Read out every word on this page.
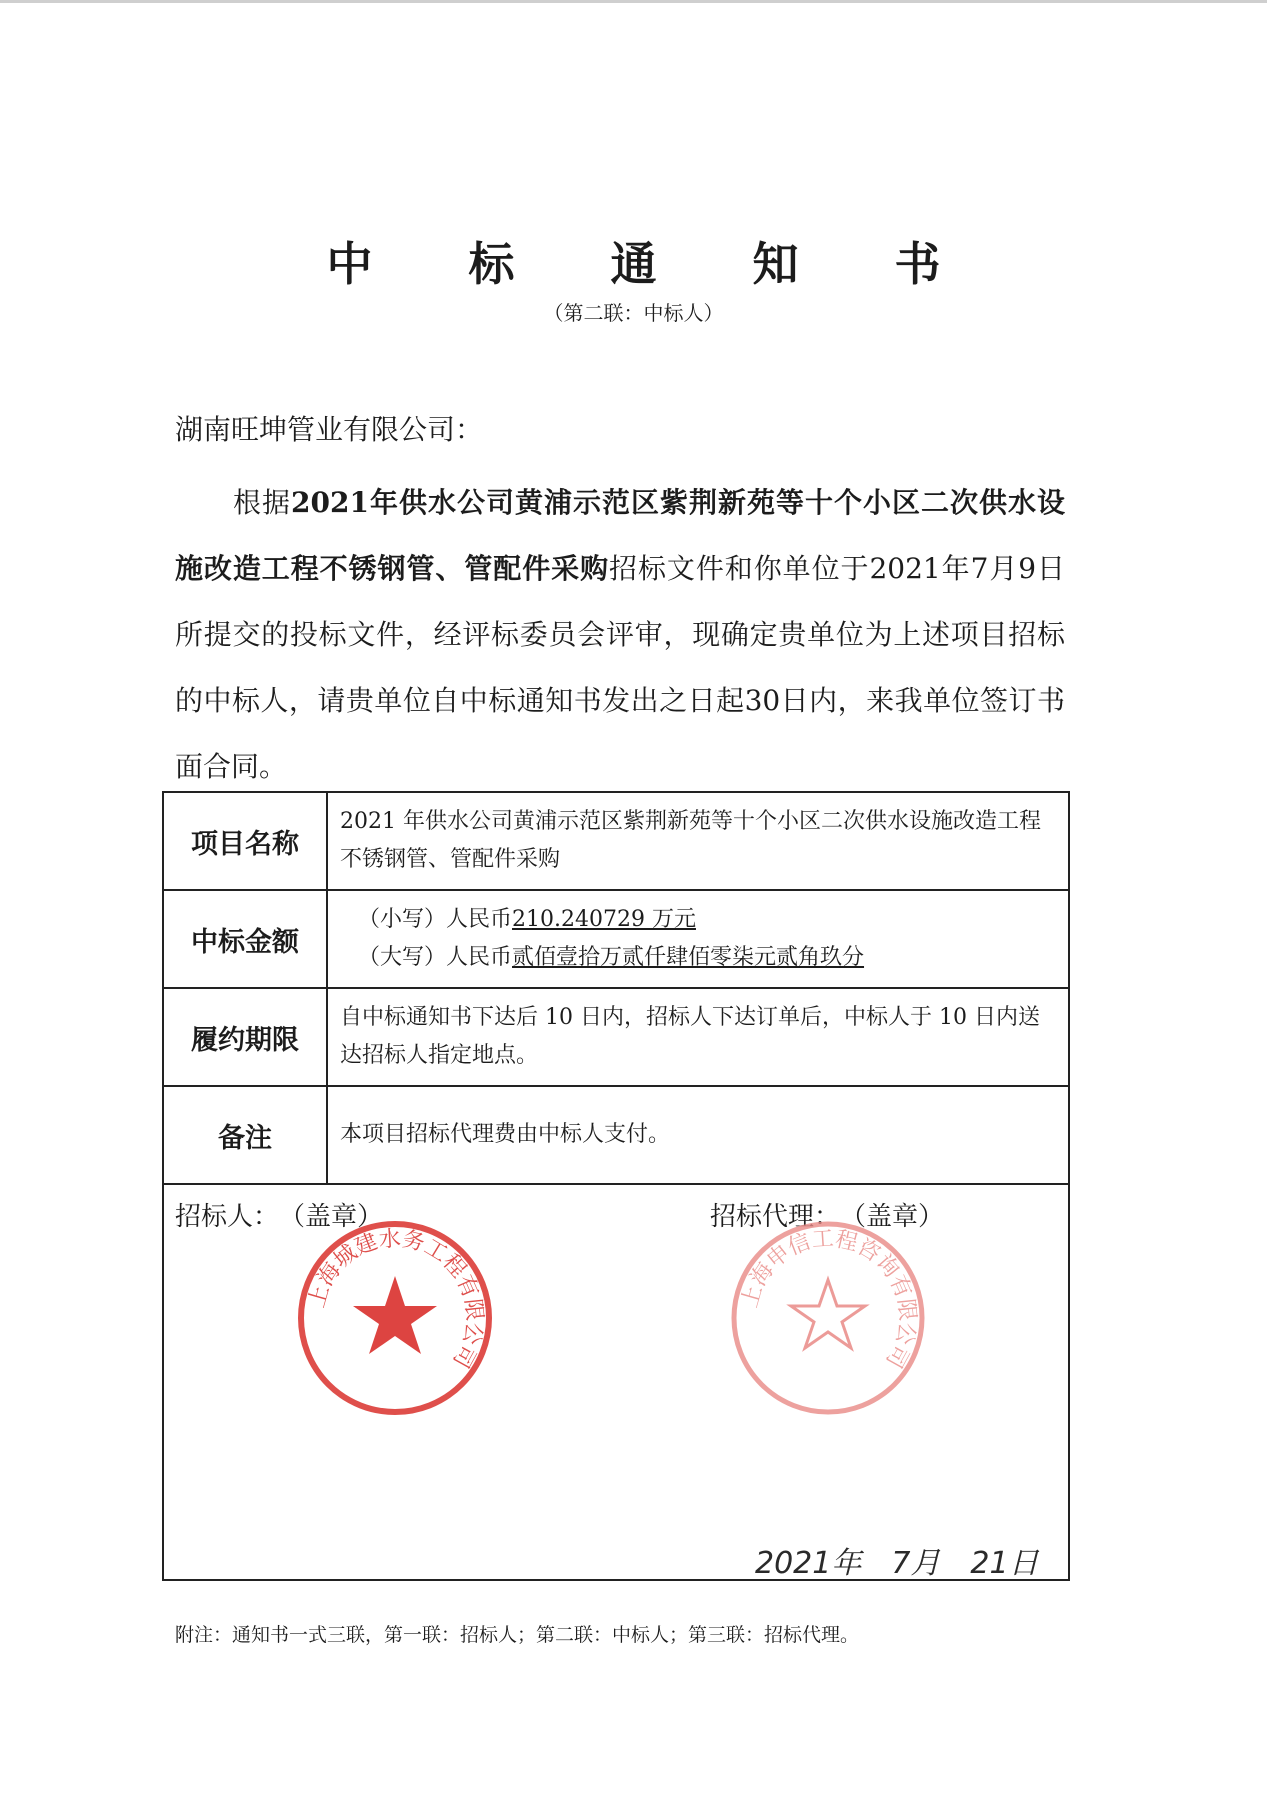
中 标 通 知 书
（第二联：中标人）
湖南旺坤管业有限公司：
根据2021年供水公司黄浦示范区紫荆新苑等十个小区二次供水设施改造工程不锈钢管、管配件采购招标文件和你单位于2021年7月9日所提交的投标文件，经评标委员会评审，现确定贵单位为上述项目招标的中标人，请贵单位自中标通知书发出之日起30日内，来我单位签订书面合同。
项目名称	2021 年供水公司黄浦示范区紫荆新苑等十个小区二次供水设施改造工程不锈钢管、管配件采购
中标金额	（小写）人民币210.240729 万元
（大写）人民币贰佰壹拾万贰仟肆佰零柒元贰角玖分

履约期限	自中标通知书下达后 10 日内，招标人下达订单后，中标人于 10 日内送达招标人指定地点。
备注	本项目招标代理费由中标人支付。
招标人：　（盖章）	招标代理：　（盖章）
上海城建水务工程有限公司
上海申信工程咨询有限公司
2021年　7月　21日
附注：通知书一式三联，第一联：招标人；第二联：中标人；第三联：招标代理。
